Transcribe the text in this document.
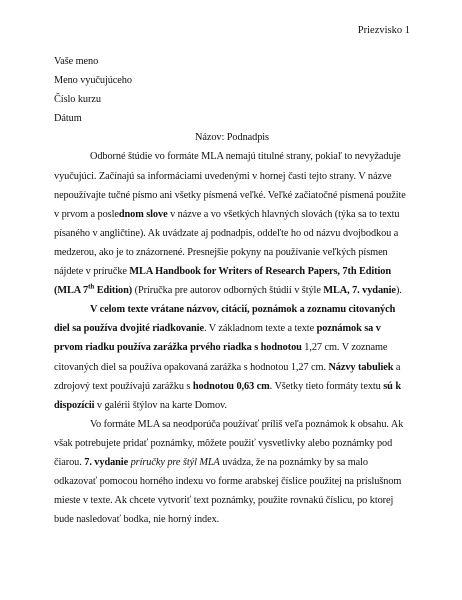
Priezvisko 1

Vaše meno

Meno vyučujúceho

Číslo kurzu

Dátum

Názov: Podnadpis

Odborné štúdie vo formáte MLA nemajú titulné strany, pokiaľ to nevyžaduje vyučujúci. Začínajú sa informáciami uvedenými v hornej časti tejto strany. V názve nepoužívajte tučné písmo ani všetky písmená veľké. Veľké začiatočné písmená použite v prvom a poslednom slove v názve a vo všetkých hlavných slovách (týka sa to textu písaného v angličtine). Ak uvádzate aj podnadpis, oddeľte ho od názvu dvojbodkou a medzerou, ako je to znázornené. Presnejšie pokyny na používanie veľkých písmen nájdete v príručke MLA Handbook for Writers of Research Papers, 7th Edition (MLA 7th Edition) (Príručka pre autorov odborných štúdií v štýle MLA, 7. vydanie).

V celom texte vrátane názvov, citácií, poznámok a zoznamu citovaných diel sa používa dvojité riadkovanie. V základnom texte a texte poznámok sa v prvom riadku používa zarážka prvého riadka s hodnotou 1,27 cm. V zozname citovaných diel sa používa opakovaná zarážka s hodnotou 1,27 cm. Názvy tabuliek a zdrojový text používajú zarážku s hodnotou 0,63 cm. Všetky tieto formáty textu sú k dispozícii v galérii štýlov na karte Domov.

Vo formáte MLA sa neodporúča používať príliš veľa poznámok k obsahu. Ak však potrebujete pridať poznámky, môžete použiť vysvetlivky alebo poznámky pod čiarou. 7. vydanie príručky pre štýl MLA uvádza, že na poznámky by sa malo odkazovať pomocou horného indexu vo forme arabskej číslice použitej na príslušnom mieste v texte. Ak chcete vytvoriť text poznámky, použite rovnakú číslicu, po ktorej bude nasledovať bodka, nie horný index.
